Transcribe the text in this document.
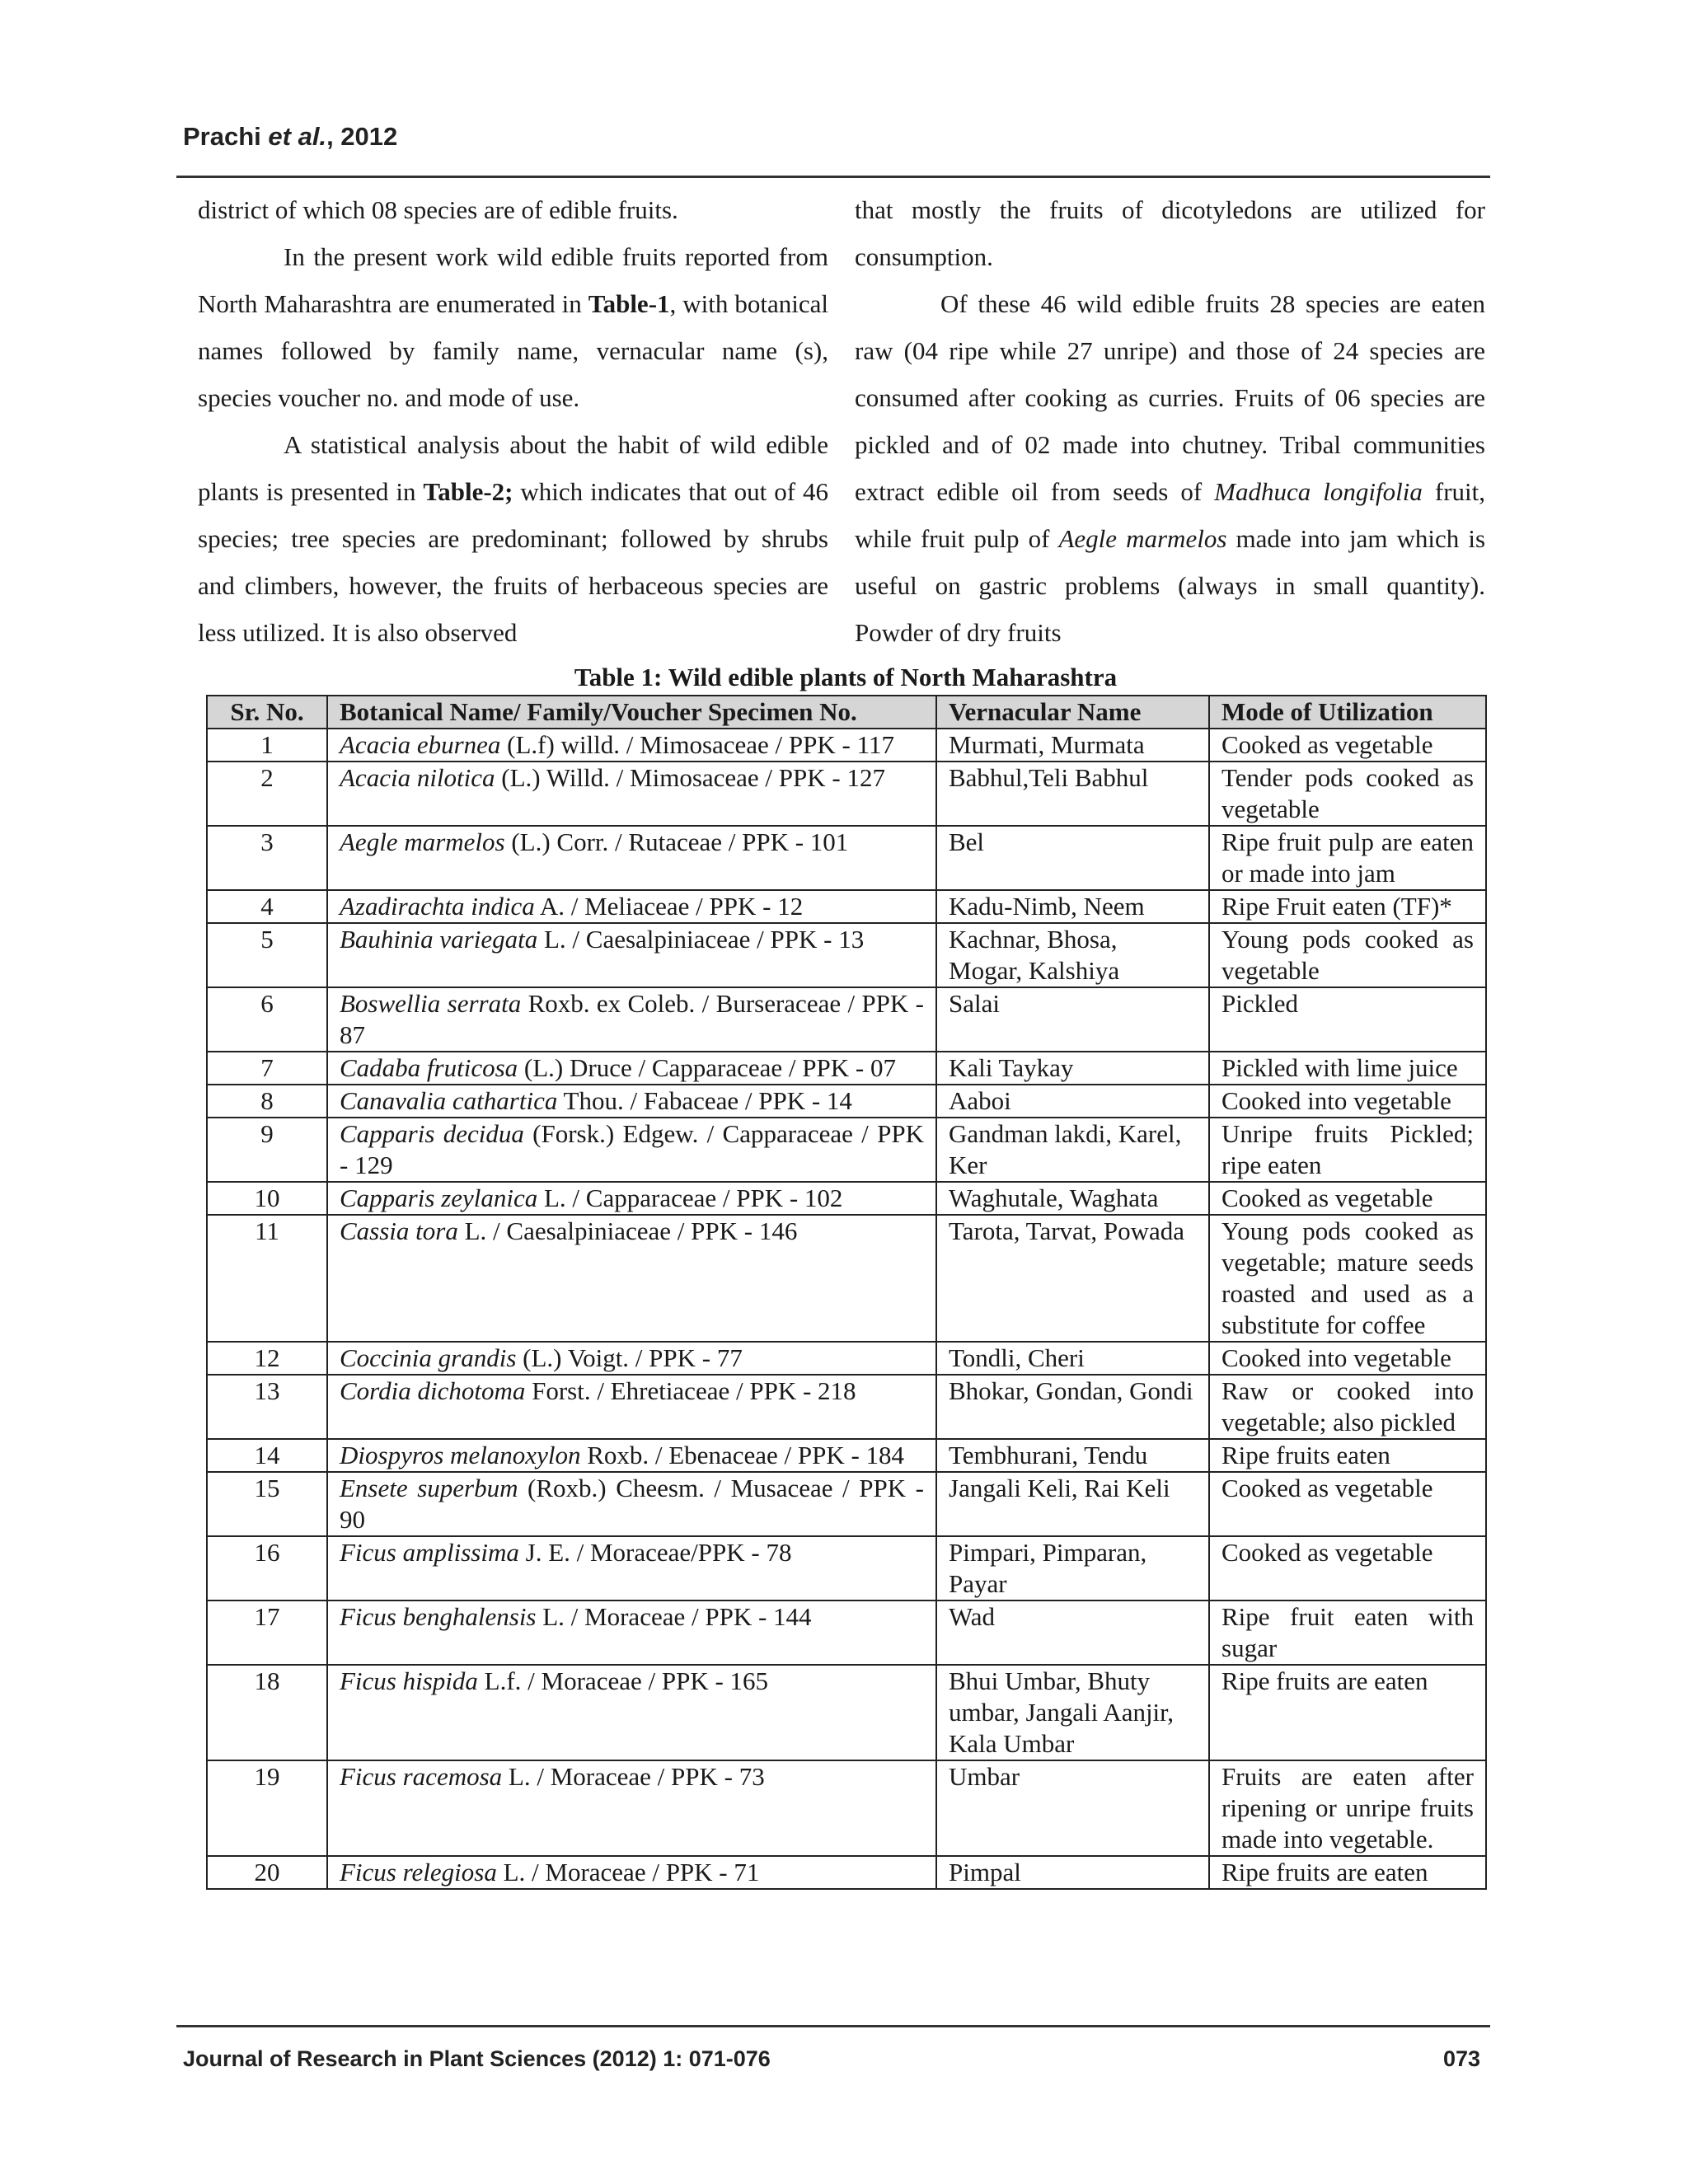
Prachi et al., 2012

district of which 08 species are of edible fruits.

In the present work wild edible fruits reported from North Maharashtra are enumerated in Table-1, with botanical names followed by family name, vernacular name (s), species voucher no. and mode of use.

A statistical analysis about the habit of wild edible plants is presented in Table-2; which indicates that out of 46 species; tree species are predominant; followed by shrubs and climbers, however, the fruits of herbaceous species are less utilized. It is also observed

that mostly the fruits of dicotyledons are utilized for consumption.

Of these 46 wild edible fruits 28 species are eaten raw (04 ripe while 27 unripe) and those of 24 species are consumed after cooking as curries. Fruits of 06 species are pickled and of 02 made into chutney. Tribal communities extract edible oil from seeds of Madhuca longifolia fruit, while fruit pulp of Aegle marmelos made into jam which is useful on gastric problems (always in small quantity). Powder of dry fruits

Table 1: Wild edible plants of North Maharashtra
Sr. No.	Botanical Name/ Family/Voucher Specimen No.	Vernacular Name	Mode of Utilization
1	Acacia eburnea (L.f) willd. / Mimosaceae / PPK - 117	Murmati, Murmata	Cooked as vegetable
2	Acacia nilotica (L.) Willd. / Mimosaceae / PPK - 127	Babhul,Teli Babhul	Tender pods cooked as vegetable
3	Aegle marmelos (L.) Corr. / Rutaceae / PPK - 101	Bel	Ripe fruit pulp are eaten or made into jam
4	Azadirachta indica A. / Meliaceae / PPK - 12	Kadu-Nimb, Neem	Ripe Fruit eaten (TF)*
5	Bauhinia variegata L. / Caesalpiniaceae / PPK - 13	Kachnar, Bhosa, Mogar, Kalshiya	Young pods cooked as vegetable
6	Boswellia serrata Roxb. ex Coleb. / Burseraceae / PPK - 87	Salai	Pickled
7	Cadaba fruticosa (L.) Druce / Capparaceae / PPK - 07	Kali Taykay	Pickled with lime juice
8	Canavalia cathartica Thou. / Fabaceae / PPK - 14	Aaboi	Cooked into vegetable
9	Capparis decidua (Forsk.) Edgew. / Capparaceae / PPK - 129	Gandman lakdi, Karel, Ker	Unripe fruits Pickled; ripe eaten
10	Capparis zeylanica L. / Capparaceae / PPK - 102	Waghutale, Waghata	Cooked as vegetable
11	Cassia tora L. / Caesalpiniaceae / PPK - 146	Tarota, Tarvat, Powada	Young pods cooked as vegetable; mature seeds roasted and used as a substitute for coffee
12	Coccinia grandis (L.) Voigt. / PPK - 77	Tondli, Cheri	Cooked into vegetable
13	Cordia dichotoma Forst. / Ehretiaceae / PPK - 218	Bhokar, Gondan, Gondi	Raw or cooked into vegetable; also pickled
14	Diospyros melanoxylon Roxb. / Ebenaceae / PPK - 184	Tembhurani, Tendu	Ripe fruits eaten
15	Ensete superbum (Roxb.) Cheesm. / Musaceae / PPK - 90	Jangali Keli, Rai Keli	Cooked as vegetable
16	Ficus amplissima J. E. / Moraceae/PPK - 78	Pimpari, Pimparan, Payar	Cooked as vegetable
17	Ficus benghalensis L. / Moraceae / PPK - 144	Wad	Ripe fruit eaten with sugar
18	Ficus hispida L.f. / Moraceae / PPK - 165	Bhui Umbar, Bhuty umbar, Jangali Aanjir, Kala Umbar	Ripe fruits are eaten
19	Ficus racemosa L. / Moraceae / PPK - 73	Umbar	Fruits are eaten after ripening or unripe fruits made into vegetable.
20	Ficus relegiosa L. / Moraceae / PPK - 71	Pimpal	Ripe fruits are eaten
Journal of Research in Plant Sciences (2012) 1: 071-076	073
